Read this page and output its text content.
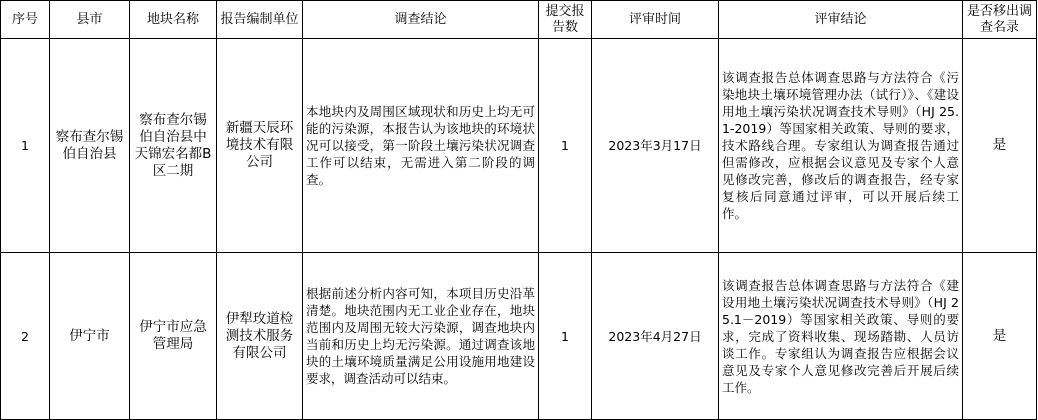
序号	县市	地块名称	报告编制单位	调查结论	提交报告数	评审时间	评审结论	是否移出调查名录
1	察布查尔锡伯自治县	察布查尔锡伯自治县中天锦宏名都B区二期	新疆天辰环境技术有限公司	本地块内及周围区域现状和历史上均无可能的污染源，本报告认为该地块的环境状况可以接受，第一阶段土壤污染状况调查工作可以结束，无需进入第二阶段的调查。	1	2023年3月17日	该调查报告总体调查思路与方法符合《污染地块土壤环境管理办法（试行）》、《建设用地土壤污染状况调查技术导则》（HJ 25.1-2019）等国家相关政策、导则的要求，技术路线合理。专家组认为调查报告通过但需修改，应根据会议意见及专家个人意见修改完善，修改后的调查报告，经专家复核后同意通过评审，可以开展后续工作。	是
2	伊宁市	伊宁市应急管理局	伊犁玫道检测技术服务有限公司	根据前述分析内容可知，本项目历史沿革清楚。地块范围内无工业企业存在，地块范围内及周围无较大污染源，调查地块内当前和历史上均无污染源。通过调查该地块的土壤环境质量满足公用设施用地建设要求，调查活动可以结束。	1	2023年4月27日	该调查报告总体调查思路与方法符合《建设用地土壤污染状况调查技术导则》（HJ 25.1－2019）等国家相关政策、导则的要求，完成了资料收集、现场踏勘、人员访谈工作。专家组认为调查报告应根据会议意见及专家个人意见修改完善后开展后续工作。	是
